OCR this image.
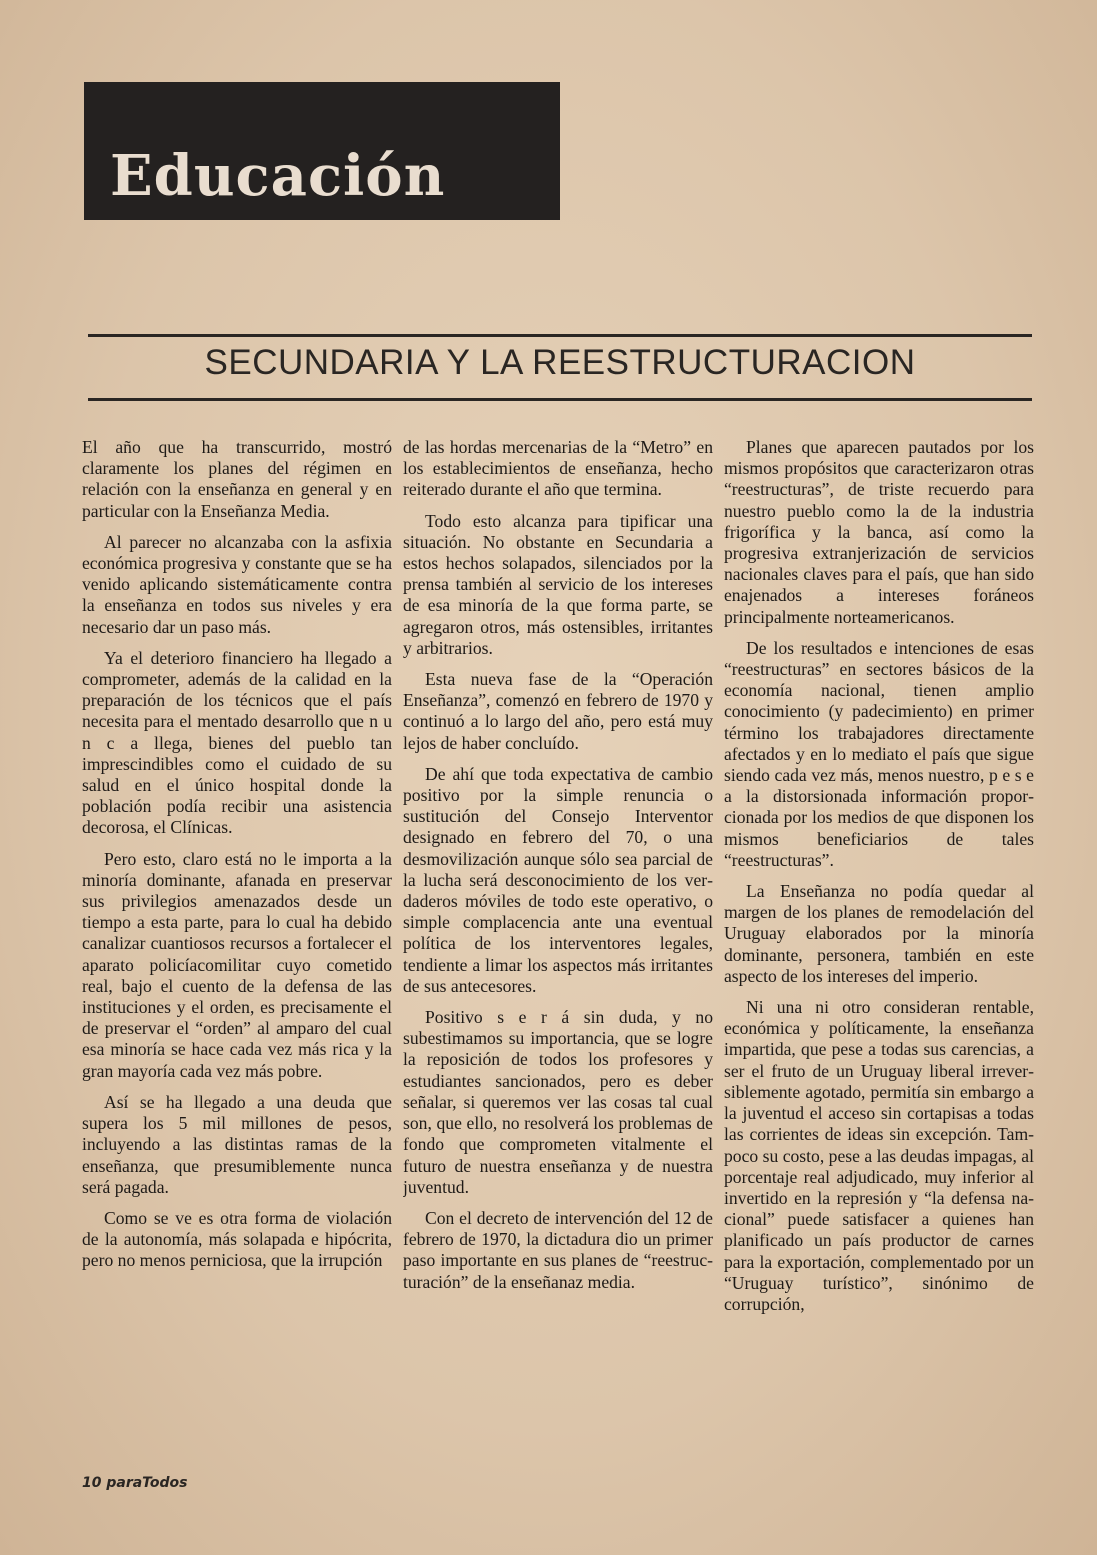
Educación
SECUNDARIA Y LA REESTRUCTURACION

El año que ha transcurrido, mostró claramente los planes del régimen en relación con la enseñanza en general y en particular con la Enseñanza Media.

Al parecer no alcanzaba con la asfixia económica progresiva y constante que se ha venido aplicando sistemáticamente contra la enseñanza en todos sus niveles y era necesario dar un paso más.

Ya el deterioro financiero ha llegado a comprometer, además de la calidad en la preparación de los técnicos que el país necesita para el mentado desarrollo que n u n c a llega, bienes del pueblo tan imprescindibles como el cuidado de su salud en el único hospital donde la población podía recibir una asistencia decorosa, el Clínicas.

Pero esto, claro está no le importa a la minoría dominante, afanada en preservar sus privilegios amenazados desde un tiempo a esta parte, para lo cual ha debido canalizar cuantiosos recursos a fortalecer el aparato policíacomilitar cuyo cometido real, bajo el cuento de la defensa de las instituciones y el orden, es precisamente el de preservar el “orden” al amparo del cual esa minoría se hace cada vez más rica y la gran mayoría cada vez más pobre.

Así se ha llegado a una deuda que supera los 5 mil millones de pesos, incluyendo a las distintas ramas de la enseñanza, que presumiblemente nunca será pagada.

Como se ve es otra forma de violación de la autonomía, más solapada e hipócrita, pero no menos perniciosa, que la irrupción

de las hordas mercenarias de la “Metro” en los establecimientos de enseñanza, hecho reiterado durante el año que termina.

Todo esto alcanza para tipificar una situación. No obstante en Secundaria a estos hechos solapados, silenciados por la prensa también al servicio de los intereses de esa minoría de la que forma parte, se agregaron otros, más ostensibles, irritantes y arbitrarios.

Esta nueva fase de la “Operación Enseñanza”, comenzó en febrero de 1970 y continuó a lo largo del año, pero está muy lejos de haber concluído.

De ahí que toda expectativa de cambio positivo por la simple renuncia o sustitución del Consejo Interventor designado en febrero del 70, o una desmovilización aunque sólo sea parcial de la lucha será desconocimiento de los verdaderos móviles de todo este operativo, o simple complacencia ante una eventual política de los interventores legales, tendiente a limar los aspectos más irritantes de sus antecesores.

Positivo s e r á sin duda, y no subestimamos su importancia, que se logre la reposición de todos los profesores y estudiantes sancionados, pero es deber señalar, si queremos ver las cosas tal cual son, que ello, no resolverá los problemas de fondo que comprometen vitalmente el futuro de nuestra enseñanza y de nuestra juventud.

Con el decreto de intervención del 12 de febrero de 1970, la dictadura dio un primer paso importante en sus planes de “reestructuración” de la enseñanaz media.

Planes que aparecen pautados por los mismos propósitos que caracterizaron otras “reestructuras”, de triste recuerdo para nuestro pueblo como la de la industria frigorífica y la banca, así como la progresiva extranjerización de servicios nacionales claves para el país, que han sido enajenados a intereses foráneos principalmente norteamericanos.

De los resultados e intenciones de esas “reestructuras” en sectores básicos de la economía nacional, tienen amplio conocimiento (y padecimiento) en primer término los trabajadores directamente afectados y en lo mediato el país que sigue siendo cada vez más, menos nuestro, p e s e a la distorsionada información proporcionada por los medios de que disponen los mismos beneficiarios de tales “reestructuras”.

La Enseñanza no podía quedar al margen de los planes de remodelación del Uruguay elaborados por la minoría dominante, personera, también en este aspecto de los intereses del imperio.

Ni una ni otro consideran rentable, económica y políticamente, la enseñanza impartida, que pese a todas sus carencias, a ser el fruto de un Uruguay liberal irreversiblemente agotado, permitía sin embargo a la juventud el acceso sin cortapisas a todas las corrientes de ideas sin excepción. Tampoco su costo, pese a las deudas impagas, al porcentaje real adjudicado, muy inferior al invertido en la represión y “la defensa nacional” puede satisfacer a quienes han planificado un país productor de carnes para la exportación, complementado por un “Uruguay turístico”, sinónimo de corrupción,

10 paraTodos
